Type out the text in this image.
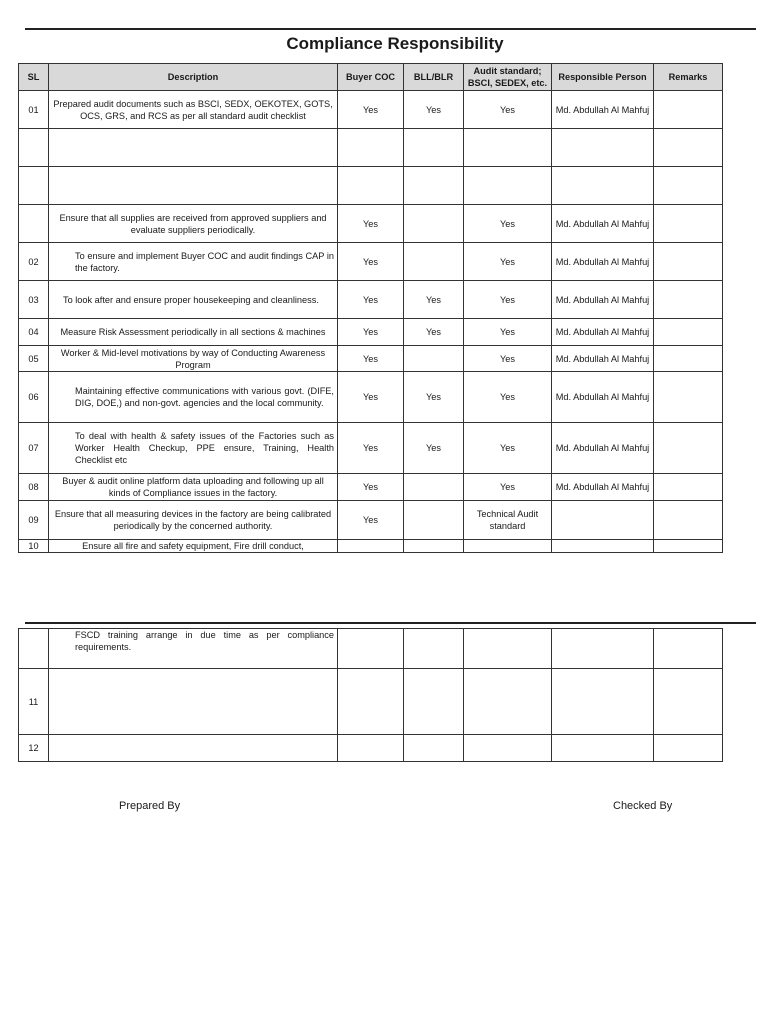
Compliance Responsibility
SL	Description	Buyer COC	BLL/BLR	Audit standard; BSCI, SEDEX, etc.	Responsible Person	Remarks
01	Prepared audit documents such as BSCI, SEDX, OEKOTEX, GOTS, OCS, GRS, and RCS as per all standard audit checklist	Yes	Yes	Yes	Md. Abdullah Al Mahfuj	

	Ensure that all supplies are received from approved suppliers and evaluate suppliers periodically.	Yes		Yes	Md. Abdullah Al Mahfuj	
02	To ensure and implement Buyer COC and audit findings CAP in the factory.	Yes		Yes	Md. Abdullah Al Mahfuj	
03	To look after and ensure proper housekeeping and cleanliness.	Yes	Yes	Yes	Md. Abdullah Al Mahfuj	
04	Measure Risk Assessment periodically in all sections & machines	Yes	Yes	Yes	Md. Abdullah Al Mahfuj	
05	Worker & Mid-level motivations by way of Conducting Awareness Program	Yes		Yes	Md. Abdullah Al Mahfuj	
06	Maintaining effective communications with various govt. (DIFE, DIG, DOE,) and non-govt. agencies and the local community.	Yes	Yes	Yes	Md. Abdullah Al Mahfuj	
07	To deal with health & safety issues of the Factories such as Worker Health Checkup, PPE ensure, Training, Health Checklist etc	Yes	Yes	Yes	Md. Abdullah Al Mahfuj	
08	Buyer & audit online platform data uploading and following up all kinds of Compliance issues in the factory.	Yes		Yes	Md. Abdullah Al Mahfuj	
09	Ensure that all measuring devices in the factory are being calibrated periodically by the concerned authority.	Yes		Technical Audit standard		
10	Ensure all fire and safety equipment, Fire drill conduct,					
	FSCD training arrange in due time as per compliance requirements.					
11						
12						
Prepared By	Checked By
